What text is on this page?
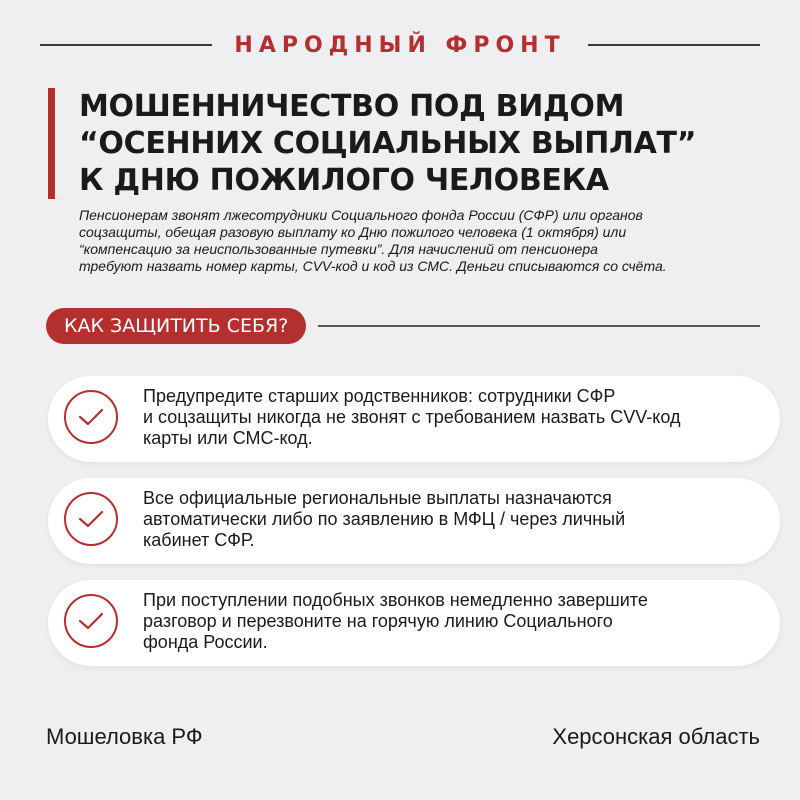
НАРОДНЫЙ ФРОНТ
МОШЕННИЧЕСТВО ПОД ВИДОМ
“ОСЕННИХ СОЦИАЛЬНЫХ ВЫПЛАТ”
К ДНЮ ПОЖИЛОГО ЧЕЛОВЕКА

Пенсионерам звонят лжесотрудники Социального фонда России (СФР) или органов
соцзащиты, обещая разовую выплату ко Дню пожилого человека (1 октября) или
“компенсацию за неиспользованные путевки”. Для начислений от пенсионера
требуют назвать номер карты, CVV-код и код из СМС. Деньги списываются со счёта.

КАК ЗАЩИТИТЬ СЕБЯ?

Предупредите старших родственников: сотрудники СФР
и соцзащиты никогда не звонят с требованием назвать CVV-код
карты или СМС-код.

Все официальные региональные выплаты назначаются
автоматически либо по заявлению в МФЦ / через личный
кабинет СФР.

При поступлении подобных звонков немедленно завершите
разговор и перезвоните на горячую линию Социального
фонда России.

Мошеловка РФ	Херсонская область
